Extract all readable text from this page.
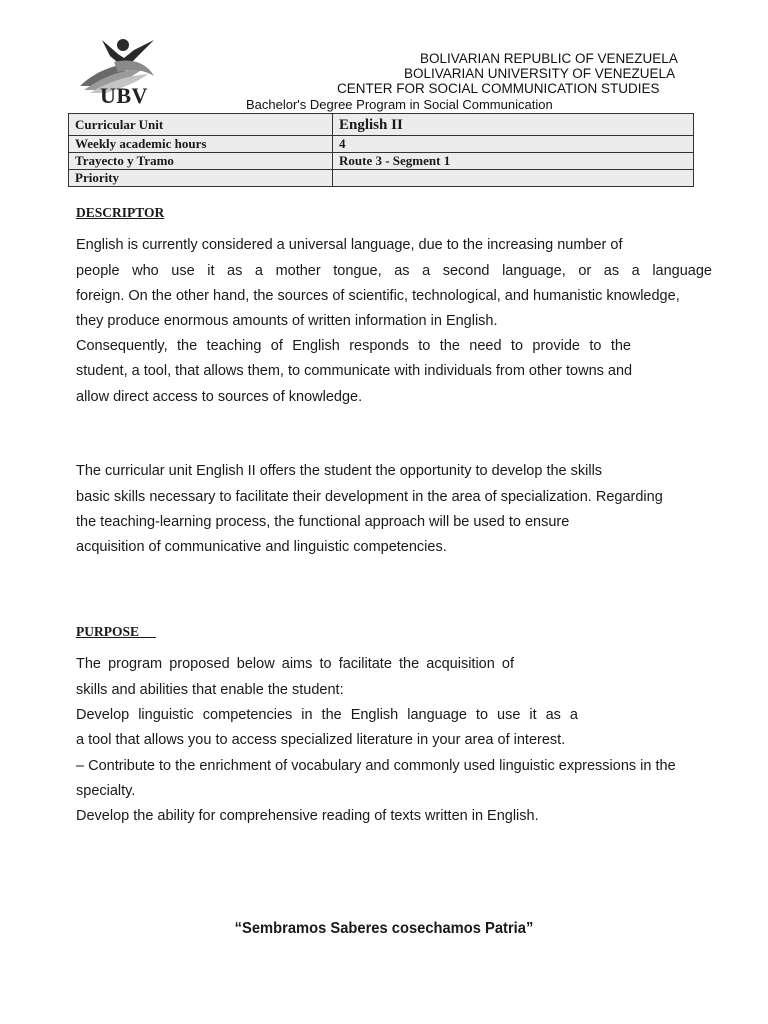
UBV
BOLIVARIAN REPUBLIC OF VENEZUELA
BOLIVARIAN UNIVERSITY OF VENEZUELA
CENTER FOR SOCIAL COMMUNICATION STUDIES
Bachelor's Degree Program in Social Communication
Curricular Unit	English II
Weekly academic hours	4
Trayecto y Tramo	Route 3 - Segment 1
Priority	
DESCRIPTOR
English is currently considered a universal language, due to the increasing number of
people who use it as a mother tongue, as a second language, or as a language
foreign. On the other hand, the sources of scientific, technological, and humanistic knowledge,
they produce enormous amounts of written information in English.
Consequently, the teaching of English responds to the need to provide to the
student, a tool, that allows them, to communicate with individuals from other towns and
allow direct access to sources of knowledge.
The curricular unit English II offers the student the opportunity to develop the skills
basic skills necessary to facilitate their development in the area of specialization. Regarding
the teaching-learning process, the functional approach will be used to ensure
acquisition of communicative and linguistic competencies.
PURPOSE
The program proposed below aims to facilitate the acquisition of
skills and abilities that enable the student:
Develop linguistic competencies in the English language to use it as a
a tool that allows you to access specialized literature in your area of interest.
– Contribute to the enrichment of vocabulary and commonly used linguistic expressions in the
specialty.
Develop the ability for comprehensive reading of texts written in English.
“Sembramos Saberes cosechamos Patria”
